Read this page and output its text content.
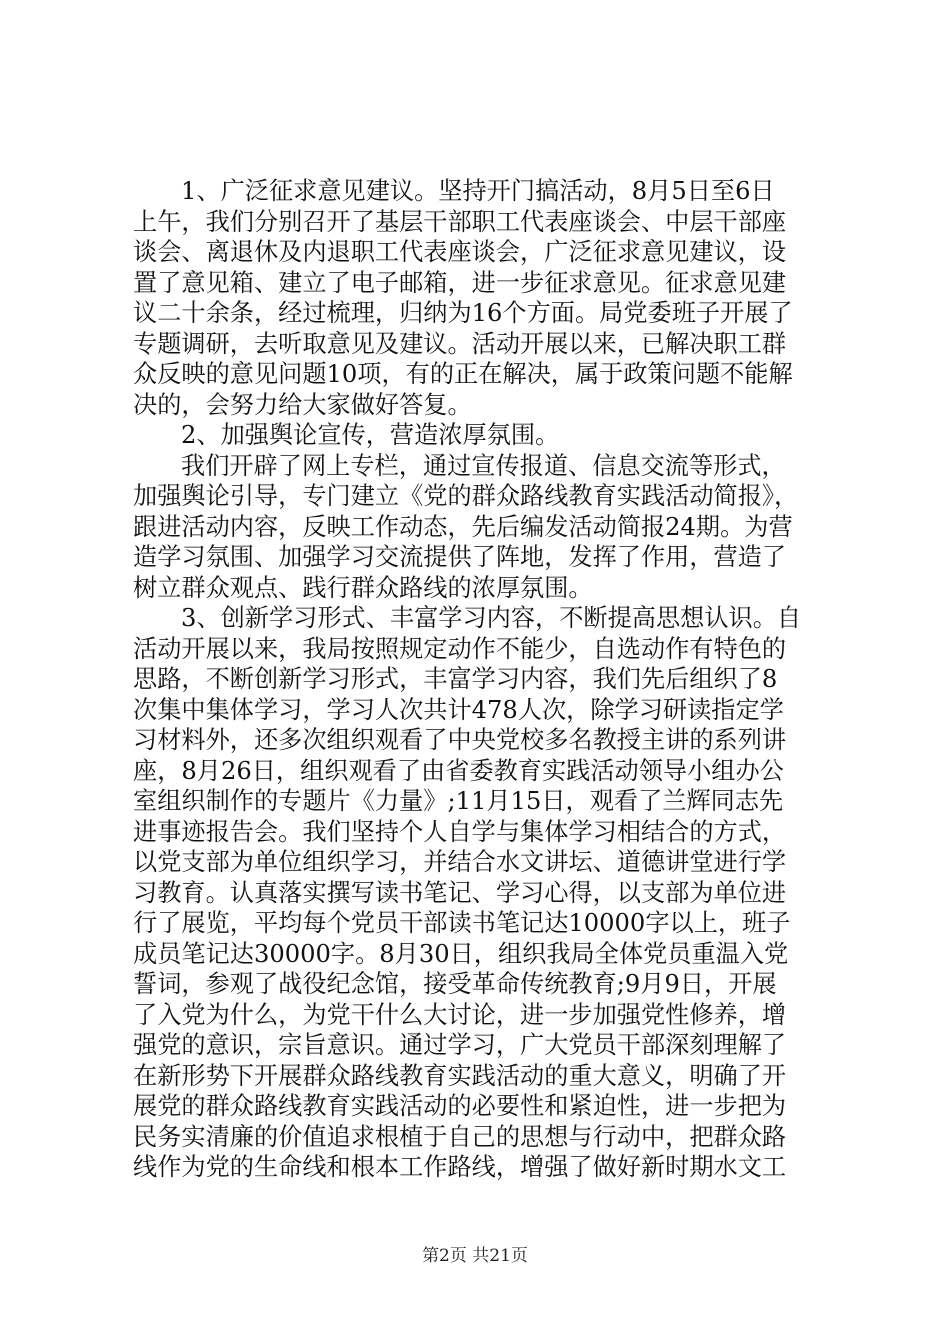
1、广泛征求意见建议。坚持开门搞活动，8月5日至6日
上午，我们分别召开了基层干部职工代表座谈会、中层干部座
谈会、离退休及内退职工代表座谈会，广泛征求意见建议，设
置了意见箱、建立了电子邮箱，进一步征求意见。征求意见建
议二十余条，经过梳理，归纳为16个方面。局党委班子开展了
专题调研，去听取意见及建议。活动开展以来，已解决职工群
众反映的意见问题10项，有的正在解决，属于政策问题不能解
决的，会努力给大家做好答复。
2、加强舆论宣传，营造浓厚氛围。
我们开辟了网上专栏，通过宣传报道、信息交流等形式，
加强舆论引导，专门建立《党的群众路线教育实践活动简报》，
跟进活动内容，反映工作动态，先后编发活动简报24期。为营
造学习氛围、加强学习交流提供了阵地，发挥了作用，营造了
树立群众观点、践行群众路线的浓厚氛围。
3、创新学习形式、丰富学习内容，不断提高思想认识。自
活动开展以来，我局按照规定动作不能少，自选动作有特色的
思路，不断创新学习形式，丰富学习内容，我们先后组织了8
次集中集体学习，学习人次共计478人次，除学习研读指定学
习材料外，还多次组织观看了中央党校多名教授主讲的系列讲
座，8月26日，组织观看了由省委教育实践活动领导小组办公
室组织制作的专题片《力量》;11月15日，观看了兰辉同志先
进事迹报告会。我们坚持个人自学与集体学习相结合的方式，
以党支部为单位组织学习，并结合水文讲坛、道德讲堂进行学
习教育。认真落实撰写读书笔记、学习心得，以支部为单位进
行了展览，平均每个党员干部读书笔记达10000字以上，班子
成员笔记达30000字。8月30日，组织我局全体党员重温入党
誓词，参观了战役纪念馆，接受革命传统教育;9月9日，开展
了入党为什么，为党干什么大讨论，进一步加强党性修养，增
强党的意识，宗旨意识。通过学习，广大党员干部深刻理解了
在新形势下开展群众路线教育实践活动的重大意义，明确了开
展党的群众路线教育实践活动的必要性和紧迫性，进一步把为
民务实清廉的价值追求根植于自己的思想与行动中，把群众路
线作为党的生命线和根本工作路线，增强了做好新时期水文工
第2页 共21页
